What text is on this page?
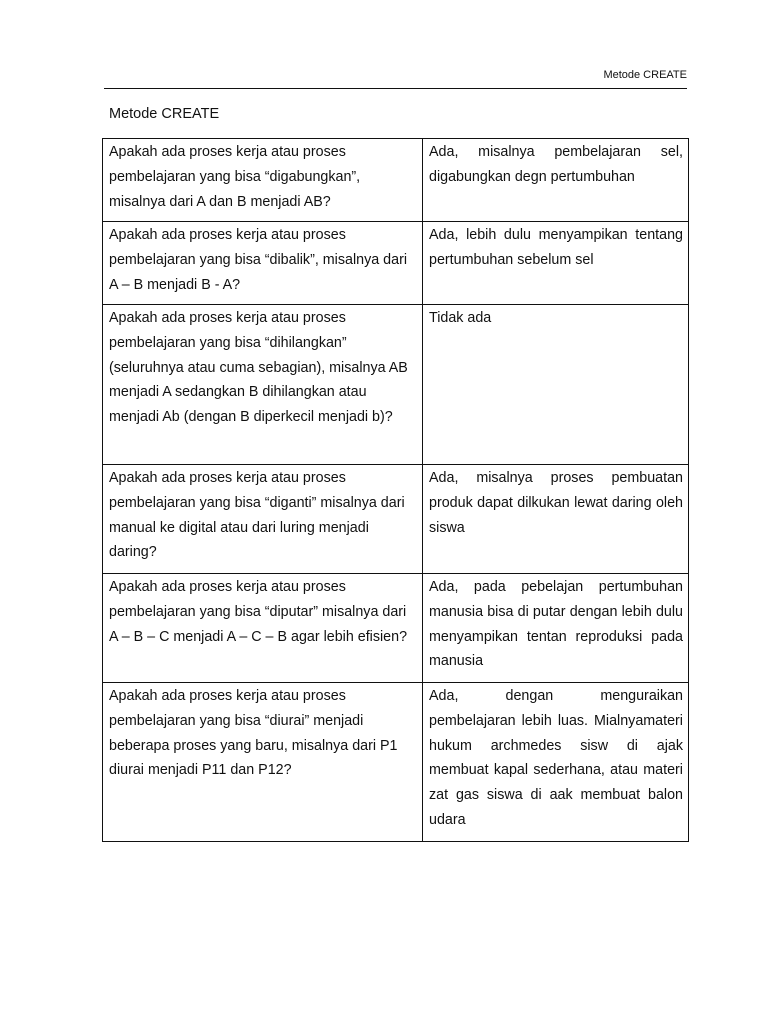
Metode CREATE
Metode CREATE
Apakah ada proses kerja atau proses pembelajaran yang bisa “digabungkan”, misalnya dari A dan B menjadi AB?	Ada, misalnya pembelajaran sel, digabungkan degn pertumbuhan
Apakah ada proses kerja atau proses pembelajaran yang bisa “dibalik”, misalnya dari A – B menjadi B - A?	Ada, lebih dulu menyampikan tentang pertumbuhan sebelum sel
Apakah ada proses kerja atau proses pembelajaran yang bisa “dihilangkan” (seluruhnya atau cuma sebagian), misalnya AB menjadi A sedangkan B dihilangkan atau menjadi Ab (dengan B diperkecil menjadi b)?	Tidak ada
Apakah ada proses kerja atau proses pembelajaran yang bisa “diganti” misalnya dari manual ke digital atau dari luring menjadi daring?	Ada, misalnya proses pembuatan produk dapat dilkukan lewat daring oleh siswa
Apakah ada proses kerja atau proses pembelajaran yang bisa “diputar” misalnya dari A – B – C menjadi A – C – B agar lebih efisien?	Ada, pada pebelajan pertumbuhan manusia bisa di putar dengan lebih dulu menyampikan tentan reproduksi pada manusia
Apakah ada proses kerja atau proses pembelajaran yang bisa “diurai” menjadi beberapa proses yang baru, misalnya dari P1 diurai menjadi P11 dan P12?	Ada, dengan menguraikan pembelajaran lebih luas. Mialnyamateri hukum archmedes sisw di ajak membuat kapal sederhana, atau materi zat gas siswa di aak membuat balon udara
